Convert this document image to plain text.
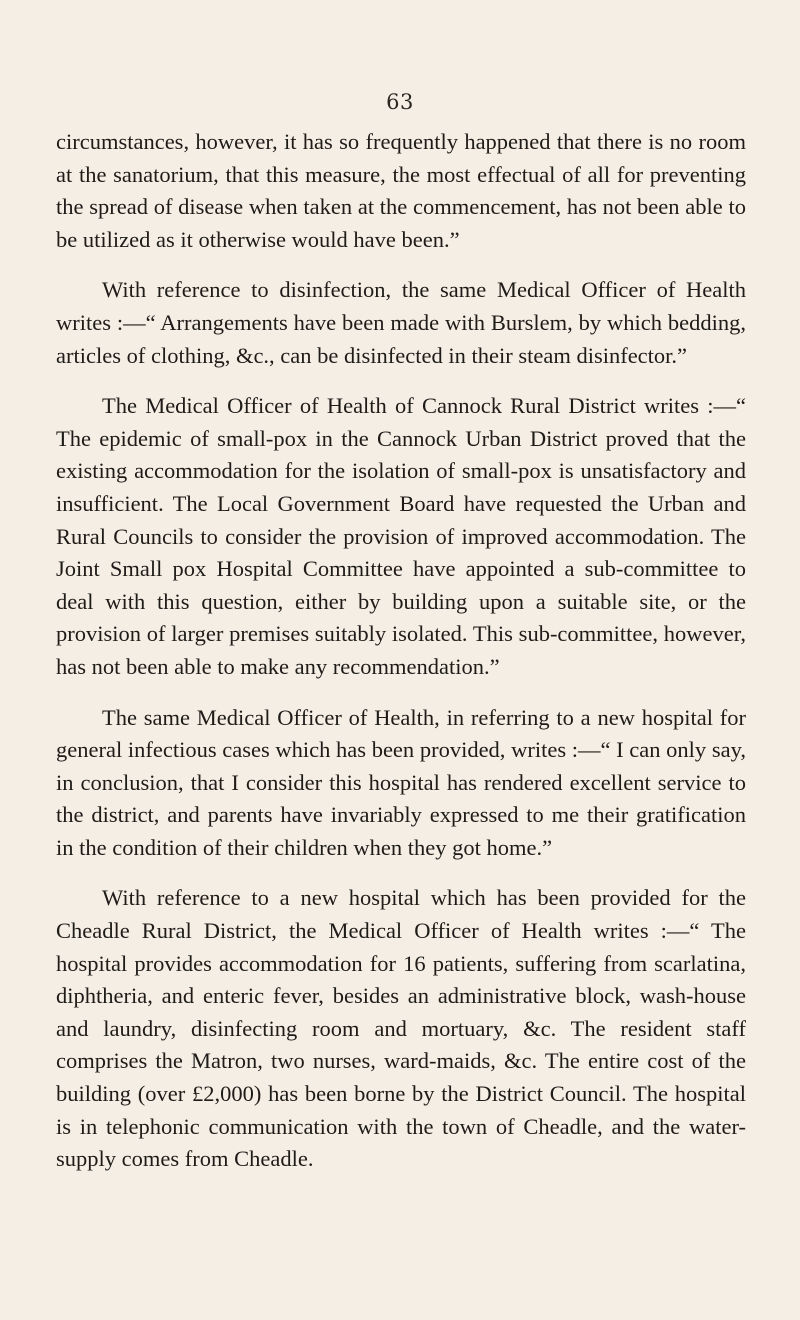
63

circumstances, however, it has so frequently happened that there is no room at the sanatorium, that this measure, the most effectual of all for preventing the spread of disease when taken at the commencement, has not been able to be utilized as it otherwise would have been.”

With reference to disinfection, the same Medical Officer of Health writes :—“ Arrangements have been made with Burslem, by which bedding, articles of clothing, &c., can be disinfected in their steam disinfector.”

The Medical Officer of Health of Cannock Rural District writes :—“ The epidemic of small-pox in the Cannock Urban District proved that the existing accommodation for the isolation of small-pox is unsatisfactory and insufficient. The Local Government Board have requested the Urban and Rural Councils to consider the provision of improved accommodation. The Joint Small pox Hospital Committee have appointed a sub-committee to deal with this question, either by building upon a suitable site, or the provision of larger premises suitably isolated. This sub-committee, however, has not been able to make any recommendation.”

The same Medical Officer of Health, in referring to a new hospital for general infectious cases which has been provided, writes :—“ I can only say, in conclusion, that I consider this hospital has rendered excellent service to the district, and parents have invariably expressed to me their gratification in the condition of their children when they got home.”

With reference to a new hospital which has been provided for the Cheadle Rural District, the Medical Officer of Health writes :—“ The hospital provides accommodation for 16 patients, suffering from scarlatina, diphtheria, and enteric fever, besides an administrative block, wash-house and laundry, disinfecting room and mortuary, &c. The resident staff comprises the Matron, two nurses, ward-maids, &c. The entire cost of the building (over £2,000) has been borne by the District Council. The hospital is in telephonic communication with the town of Cheadle, and the water-supply comes from Cheadle.
